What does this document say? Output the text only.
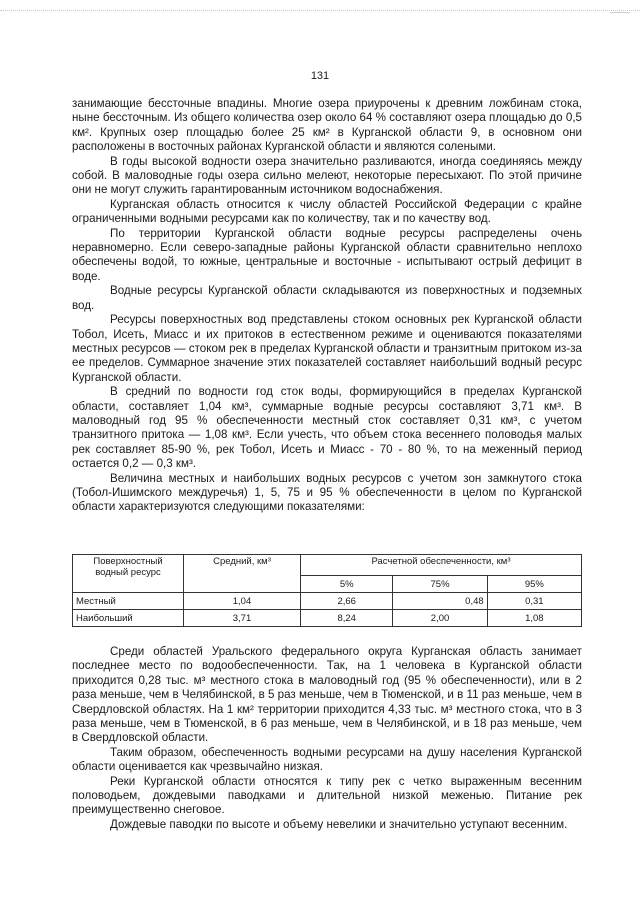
131

занимающие бессточные впадины. Многие озера приурочены к древним ложбинам стока, ныне бессточным. Из общего количества озер около 64 % составляют озера площадью до 0,5 км². Крупных озер площадью более 25 км² в Курганской области 9, в основном они расположены в восточных районах Курганской области и являются солеными.

В годы высокой водности озера значительно разливаются, иногда соединяясь между собой. В маловодные годы озера сильно мелеют, некоторые пересыхают. По этой причине они не могут служить гарантированным источником водоснабжения.

Курганская область относится к числу областей Российской Федерации с крайне ограниченными водными ресурсами как по количеству, так и по качеству вод.

По территории Курганской области водные ресурсы распределены очень неравномерно. Если северо-западные районы Курганской области сравнительно неплохо обеспечены водой, то южные, центральные и восточные - испытывают острый дефицит в воде.

Водные ресурсы Курганской области складываются из поверхностных и подземных вод.

Ресурсы поверхностных вод представлены стоком основных рек Курганской области Тобол, Исеть, Миасс и их притоков в естественном режиме и оцениваются показателями местных ресурсов — стоком рек в пределах Курганской области и транзитным притоком из-за ее пределов. Суммарное значение этих показателей составляет наибольший водный ресурс Курганской области.

В средний по водности год сток воды, формирующийся в пределах Курганской области, составляет 1,04 км³, суммарные водные ресурсы составляют 3,71 км³. В маловодный год 95 % обеспеченности местный сток составляет 0,31 км³, с учетом транзитного притока — 1,08 км³. Если учесть, что объем стока весеннего половодья малых рек составляет 85-90 %, рек Тобол, Исеть и Миасс - 70 - 80 %, то на меженный период остается 0,2 — 0,3 км³.

Величина местных и наибольших водных ресурсов с учетом зон замкнутого стока (Тобол-Ишимского междуречья) 1, 5, 75 и 95 % обеспеченности в целом по Курганской области характеризуются следующими показателями:

Поверхностный водный ресурс	Средний, км³	Расчетной обеспеченности, км³		
		5%	75%	95%
Местный	1,04	2,66	0,48	0,31
Наибольший	3,71	8,24	2,00	1,08

Среди областей Уральского федерального округа Курганская область занимает последнее место по водообеспеченности. Так, на 1 человека в Курганской области приходится 0,28 тыс. м³ местного стока в маловодный год (95 % обеспеченности), или в 2 раза меньше, чем в Челябинской, в 5 раз меньше, чем в Тюменской, и в 11 раз меньше, чем в Свердловской областях. На 1 км² территории приходится 4,33 тыс. м³ местного стока, что в 3 раза меньше, чем в Тюменской, в 6 раз меньше, чем в Челябинской, и в 18 раз меньше, чем в Свердловской области.

Таким образом, обеспеченность водными ресурсами на душу населения Курганской области оценивается как чрезвычайно низкая.

Реки Курганской области относятся к типу рек с четко выраженным весенним половодьем, дождевыми паводками и длительной низкой меженью. Питание рек преимущественно снеговое.

Дождевые паводки по высоте и объему невелики и значительно уступают весенним.
